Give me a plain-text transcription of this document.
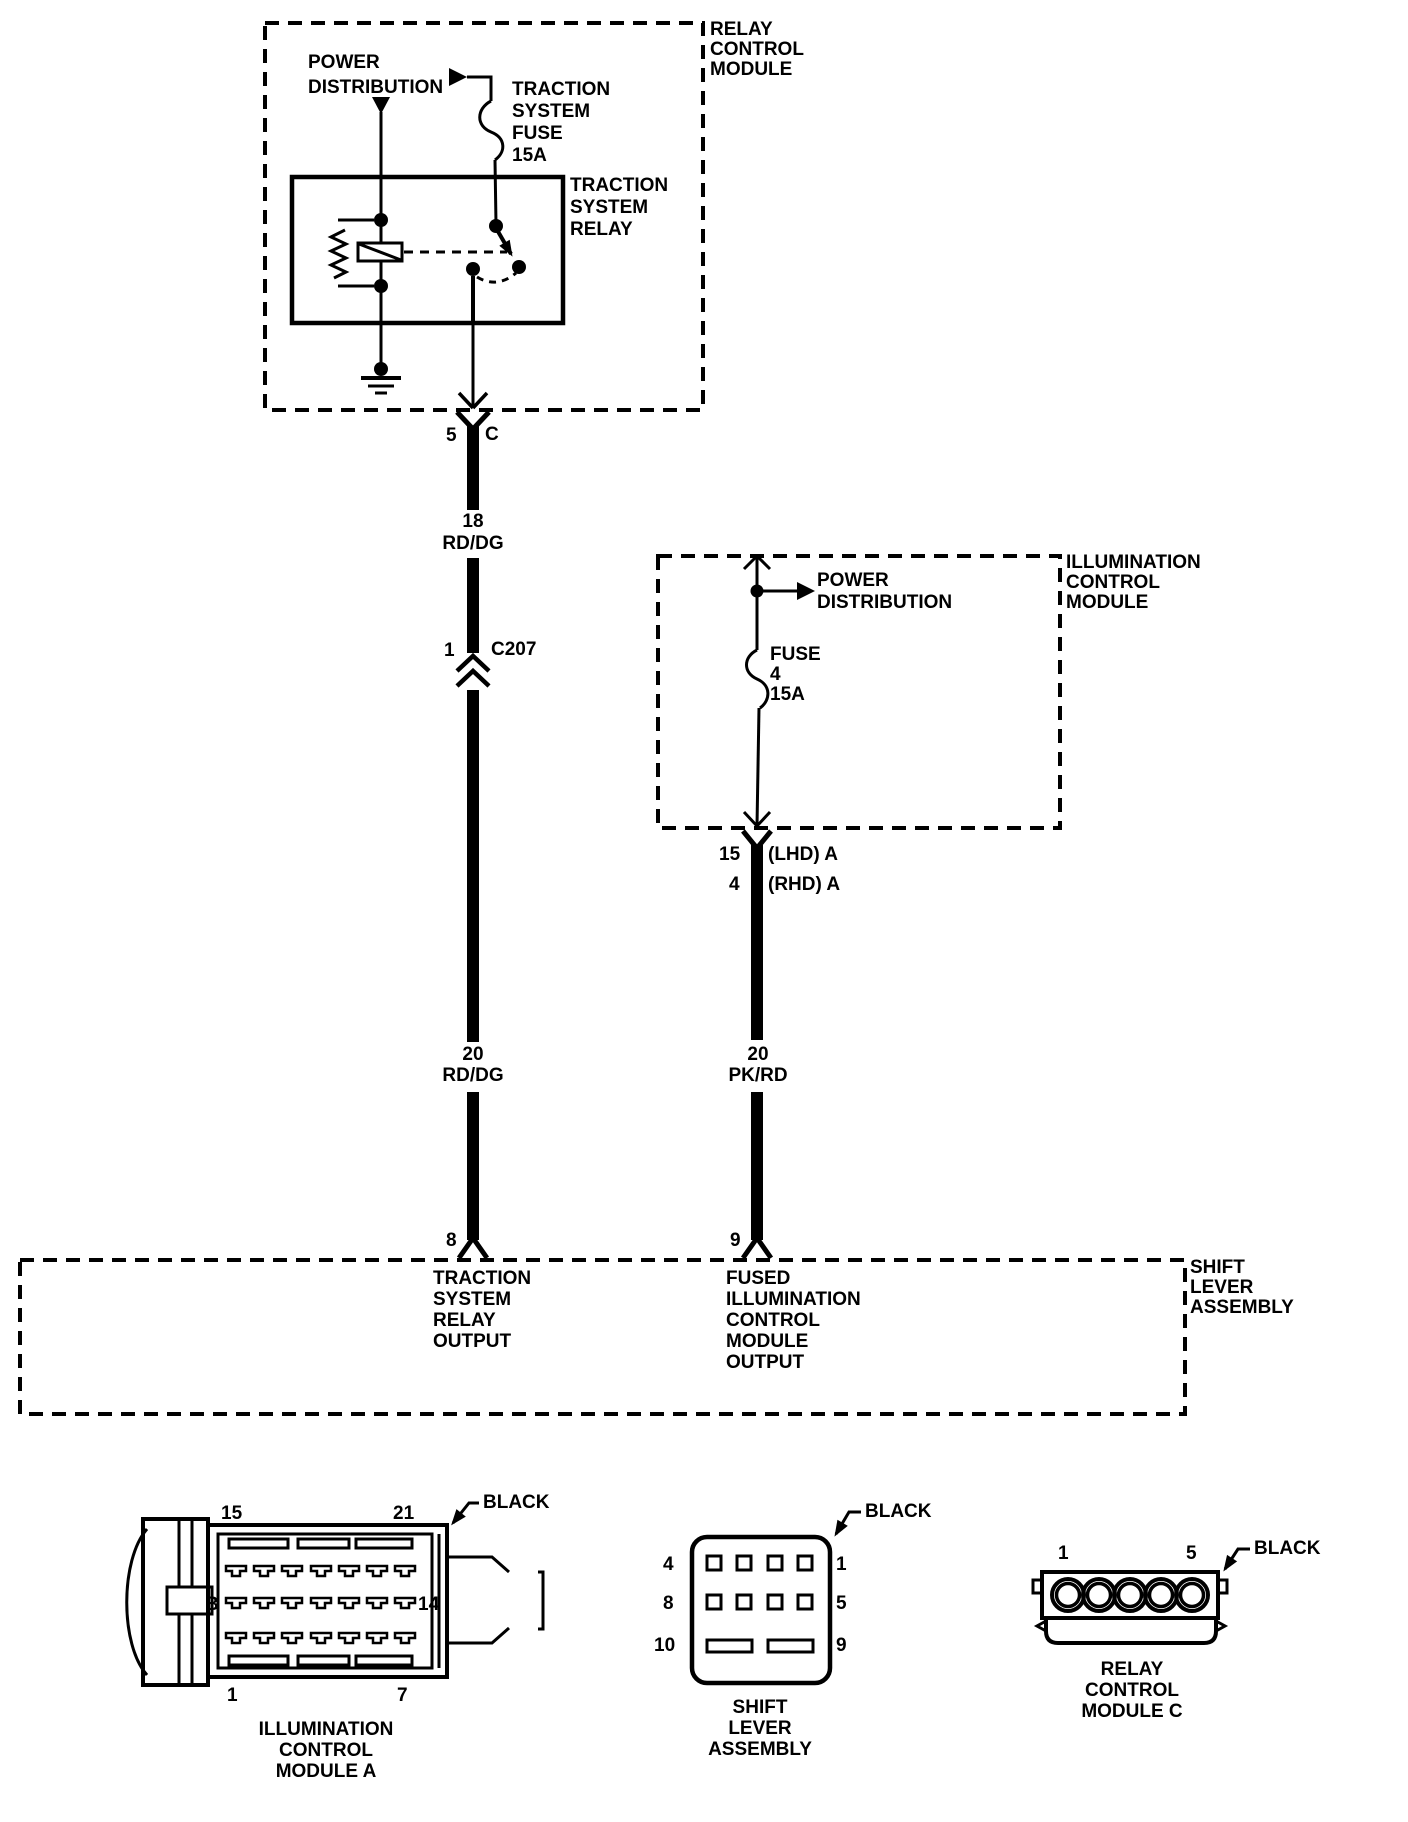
RELAY
CONTROL
MODULE
POWER
DISTRIBUTION	TRACTION
SYSTEM
FUSE
15A
TRACTION
SYSTEM
RELAY
5 C
18
RD/DG
1 C207
ILLUMINATION
CONTROL
MODULE
POWER
DISTRIBUTION
FUSE
4
15A
15 (LHD) A
4 (RHD) A
20
RD/DG
20
PK/RD
8	9
SHIFT
LEVER
ASSEMBLY
TRACTION
SYSTEM
RELAY
OUTPUT
FUSED
ILLUMINATION
CONTROL
MODULE
OUTPUT
15	21
B	14
1	7
BLACK
ILLUMINATION
CONTROL
MODULE A
4
8
10
1
5
9
BLACK
SHIFT
LEVER
ASSEMBLY
1	5	BLACK
RELAY
CONTROL
MODULE C
